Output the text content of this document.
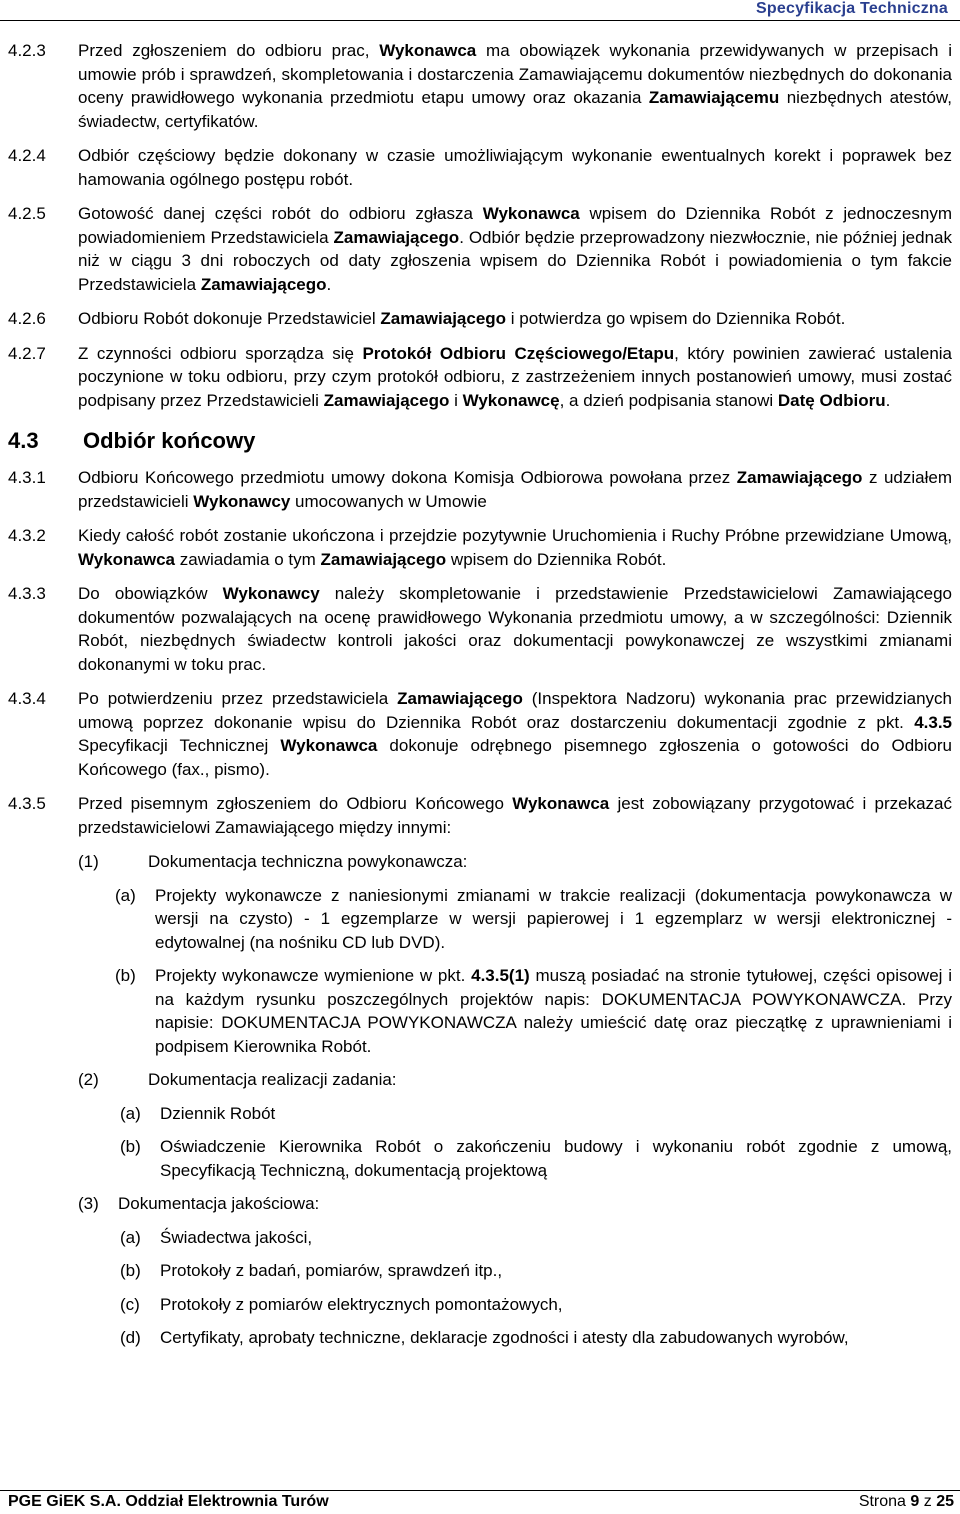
Specyfikacja Techniczna
4.2.3	Przed zgłoszeniem do odbioru prac, Wykonawca ma obowiązek wykonania przewidywanych w przepisach i umowie prób i sprawdzeń, skompletowania i dostarczenia Zamawiającemu dokumentów niezbędnych do dokonania oceny prawidłowego wykonania przedmiotu etapu umowy oraz okazania Zamawiającemu niezbędnych atestów, świadectw, certyfikatów.
4.2.4	Odbiór częściowy będzie dokonany w czasie umożliwiającym wykonanie ewentualnych korekt i poprawek bez hamowania ogólnego postępu robót.
4.2.5	Gotowość danej części robót do odbioru zgłasza Wykonawca wpisem do Dziennika Robót z jednoczesnym powiadomieniem Przedstawiciela Zamawiającego. Odbiór będzie przeprowadzony niezwłocznie, nie później jednak niż w ciągu 3 dni roboczych od daty zgłoszenia wpisem do Dziennika Robót i powiadomienia o tym fakcie Przedstawiciela Zamawiającego.
4.2.6	Odbioru Robót dokonuje Przedstawiciel Zamawiającego i potwierdza go wpisem do Dziennika Robót.
4.2.7	Z czynności odbioru sporządza się Protokół Odbioru Częściowego/Etapu, który powinien zawierać ustalenia poczynione w toku odbioru, przy czym protokół odbioru, z zastrzeżeniem innych postanowień umowy, musi zostać podpisany przez Przedstawicieli Zamawiającego i Wykonawcę, a dzień podpisania stanowi Datę Odbioru.
4.3	Odbiór końcowy
4.3.1	Odbioru Końcowego przedmiotu umowy dokona Komisja Odbiorowa powołana przez Zamawiającego z udziałem przedstawicieli Wykonawcy umocowanych w Umowie
4.3.2	Kiedy całość robót zostanie ukończona i przejdzie pozytywnie Uruchomienia i Ruchy Próbne przewidziane Umową, Wykonawca zawiadamia o tym Zamawiającego wpisem do Dziennika Robót.
4.3.3	Do obowiązków Wykonawcy należy skompletowanie i przedstawienie Przedstawicielowi Zamawiającego dokumentów pozwalających na ocenę prawidłowego Wykonania przedmiotu umowy, a w szczególności: Dziennik Robót, niezbędnych świadectw kontroli jakości oraz dokumentacji powykonawczej ze wszystkimi zmianami dokonanymi w toku prac.
4.3.4	Po potwierdzeniu przez przedstawiciela Zamawiającego (Inspektora Nadzoru) wykonania prac przewidzianych umową poprzez dokonanie wpisu do Dziennika Robót oraz dostarczeniu dokumentacji zgodnie z pkt. 4.3.5 Specyfikacji Technicznej Wykonawca dokonuje odrębnego pisemnego zgłoszenia o gotowości do Odbioru Końcowego (fax., pismo).
4.3.5	Przed pisemnym zgłoszeniem do Odbioru Końcowego Wykonawca jest zobowiązany przygotować i przekazać przedstawicielowi Zamawiającego między innymi:
(1)	Dokumentacja techniczna powykonawcza:
(a)	Projekty wykonawcze z naniesionymi zmianami w trakcie realizacji (dokumentacja powykonawcza w wersji na czysto) - 1 egzemplarze w wersji papierowej i 1 egzemplarz w wersji elektronicznej - edytowalnej (na nośniku CD lub DVD).
(b)	Projekty wykonawcze wymienione w pkt. 4.3.5(1) muszą posiadać na stronie tytułowej, części opisowej i na każdym rysunku poszczególnych projektów napis: DOKUMENTACJA POWYKONAWCZA. Przy napisie: DOKUMENTACJA POWYKONAWCZA należy umieścić datę oraz pieczątkę z uprawnieniami i podpisem Kierownika Robót.
(2)	Dokumentacja realizacji zadania:
(a)	Dziennik Robót
(b)	Oświadczenie Kierownika Robót o zakończeniu budowy i wykonaniu robót zgodnie z umową, Specyfikacją Techniczną, dokumentacją projektową
(3)	Dokumentacja jakościowa:
(a)	Świadectwa jakości,
(b)	Protokoły z badań, pomiarów, sprawdzeń itp.,
(c)	Protokoły z pomiarów elektrycznych pomontażowych,
(d)	Certyfikaty, aprobaty techniczne, deklaracje zgodności i atesty dla zabudowanych wyrobów,
PGE GiEK S.A. Oddział Elektrownia Turów	Strona 9 z 25
